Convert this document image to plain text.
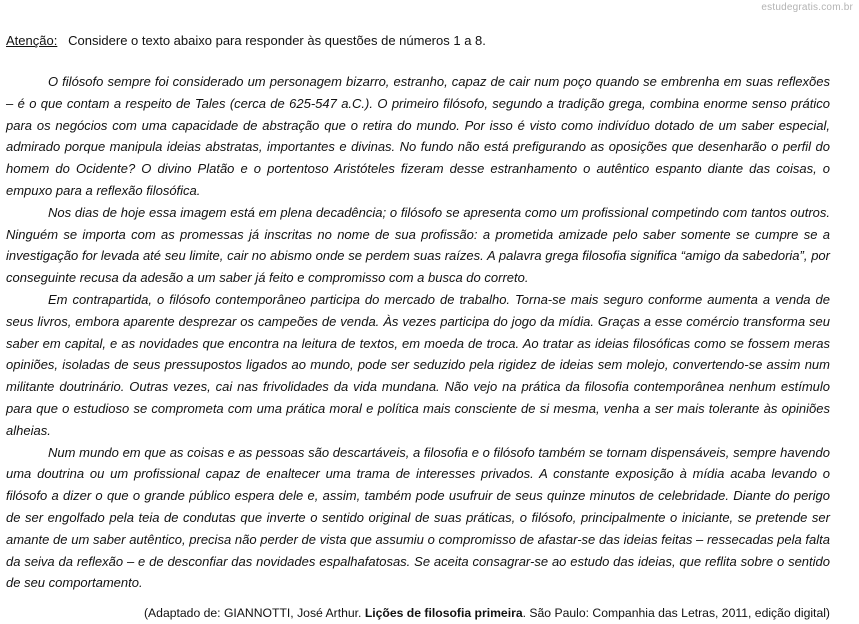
estudegratis.com.br
Atenção: Considere o texto abaixo para responder às questões de números 1 a 8.

O filósofo sempre foi considerado um personagem bizarro, estranho, capaz de cair num poço quando se embrenha em suas reflexões – é o que contam a respeito de Tales (cerca de 625-547 a.C.). O primeiro filósofo, segundo a tradição grega, combina enorme senso prático para os negócios com uma capacidade de abstração que o retira do mundo. Por isso é visto como indivíduo dotado de um saber especial, admirado porque manipula ideias abstratas, importantes e divinas. No fundo não está prefigurando as oposições que desenharão o perfil do homem do Ocidente? O divino Platão e o portentoso Aristóteles fizeram desse estranhamento o autêntico espanto diante das coisas, o empuxo para a reflexão filosófica.

Nos dias de hoje essa imagem está em plena decadência; o filósofo se apresenta como um profissional competindo com tantos outros. Ninguém se importa com as promessas já inscritas no nome de sua profissão: a prometida amizade pelo saber somente se cumpre se a investigação for levada até seu limite, cair no abismo onde se perdem suas raízes. A palavra grega filosofia significa “amigo da sabedoria”, por conseguinte recusa da adesão a um saber já feito e compromisso com a busca do correto.

Em contrapartida, o filósofo contemporâneo participa do mercado de trabalho. Torna-se mais seguro conforme aumenta a venda de seus livros, embora aparente desprezar os campeões de venda. Às vezes participa do jogo da mídia. Graças a esse comércio transforma seu saber em capital, e as novidades que encontra na leitura de textos, em moeda de troca. Ao tratar as ideias filosóficas como se fossem meras opiniões, isoladas de seus pressupostos ligados ao mundo, pode ser seduzido pela rigidez de ideias sem molejo, convertendo-se assim num militante doutrinário. Outras vezes, cai nas frivolidades da vida mundana. Não vejo na prática da filosofia contemporânea nenhum estímulo para que o estudioso se comprometa com uma prática moral e política mais consciente de si mesma, venha a ser mais tolerante às opiniões alheias.

Num mundo em que as coisas e as pessoas são descartáveis, a filosofia e o filósofo também se tornam dispensáveis, sempre havendo uma doutrina ou um profissional capaz de enaltecer uma trama de interesses privados. A constante exposição à mídia acaba levando o filósofo a dizer o que o grande público espera dele e, assim, também pode usufruir de seus quinze minutos de celebridade. Diante do perigo de ser engolfado pela teia de condutas que inverte o sentido original de suas práticas, o filósofo, principalmente o iniciante, se pretende ser amante de um saber autêntico, precisa não perder de vista que assumiu o compromisso de afastar-se das ideias feitas – ressecadas pela falta da seiva da reflexão – e de desconfiar das novidades espalhafatosas. Se aceita consagrar-se ao estudo das ideias, que reflita sobre o sentido de seu comportamento.

(Adaptado de: GIANNOTTI, José Arthur. Lições de filosofia primeira. São Paulo: Companhia das Letras, 2011, edição digital)
